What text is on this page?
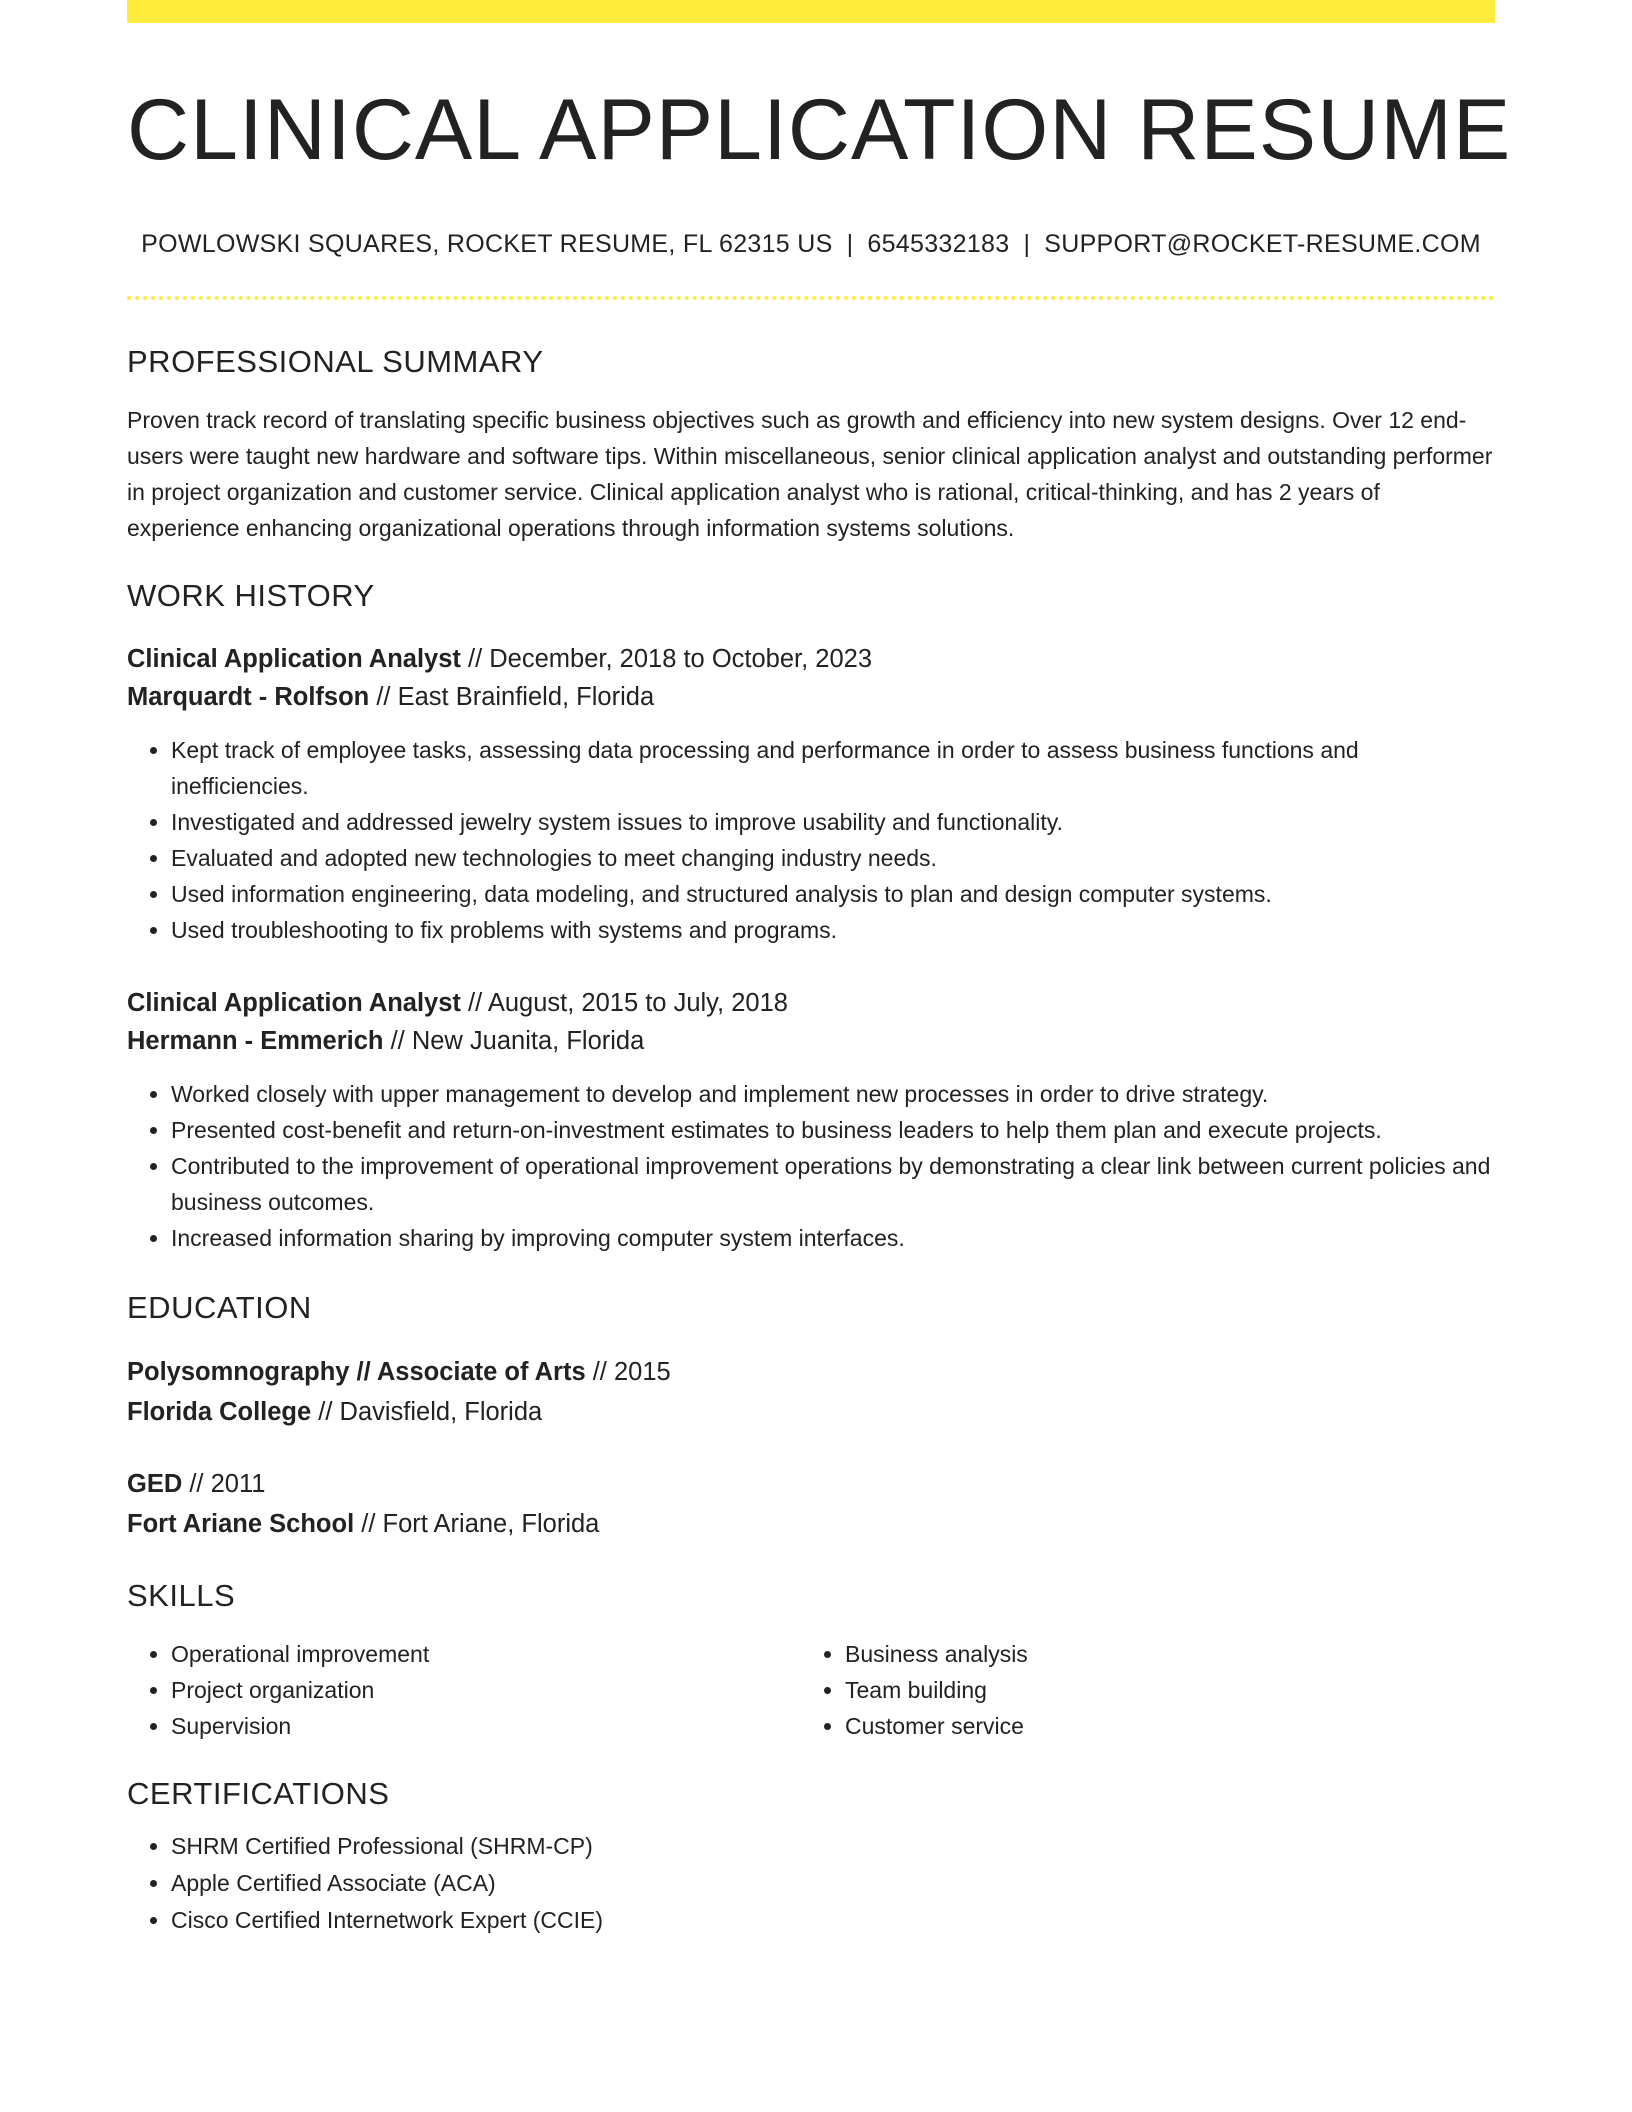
CLINICAL APPLICATION RESUME
POWLOWSKI SQUARES, ROCKET RESUME, FL 62315 US | 6545332183 | SUPPORT@ROCKET-RESUME.COM
PROFESSIONAL SUMMARY

Proven track record of translating specific business objectives such as growth and efficiency into new system designs. Over 12 end-users were taught new hardware and software tips. Within miscellaneous, senior clinical application analyst and outstanding performer in project organization and customer service. Clinical application analyst who is rational, critical-thinking, and has 2 years of experience enhancing organizational operations through information systems solutions.

WORK HISTORY
Clinical Application Analyst // December, 2018 to October, 2023
Marquardt - Rolfson // East Brainfield, Florida
• Kept track of employee tasks, assessing data processing and performance in order to assess business functions and inefficiencies.
• Investigated and addressed jewelry system issues to improve usability and functionality.
• Evaluated and adopted new technologies to meet changing industry needs.
• Used information engineering, data modeling, and structured analysis to plan and design computer systems.
• Used troubleshooting to fix problems with systems and programs.
Clinical Application Analyst // August, 2015 to July, 2018
Hermann - Emmerich // New Juanita, Florida
• Worked closely with upper management to develop and implement new processes in order to drive strategy.
• Presented cost-benefit and return-on-investment estimates to business leaders to help them plan and execute projects.
• Contributed to the improvement of operational improvement operations by demonstrating a clear link between current policies and business outcomes.
• Increased information sharing by improving computer system interfaces.
EDUCATION
Polysomnography // Associate of Arts // 2015
Florida College // Davisfield, Florida
GED // 2011
Fort Ariane School // Fort Ariane, Florida
SKILLS
• Operational improvement
• Project organization
• Supervision
• Business analysis
• Team building
• Customer service
CERTIFICATIONS
• SHRM Certified Professional (SHRM-CP)
• Apple Certified Associate (ACA)
• Cisco Certified Internetwork Expert (CCIE)
